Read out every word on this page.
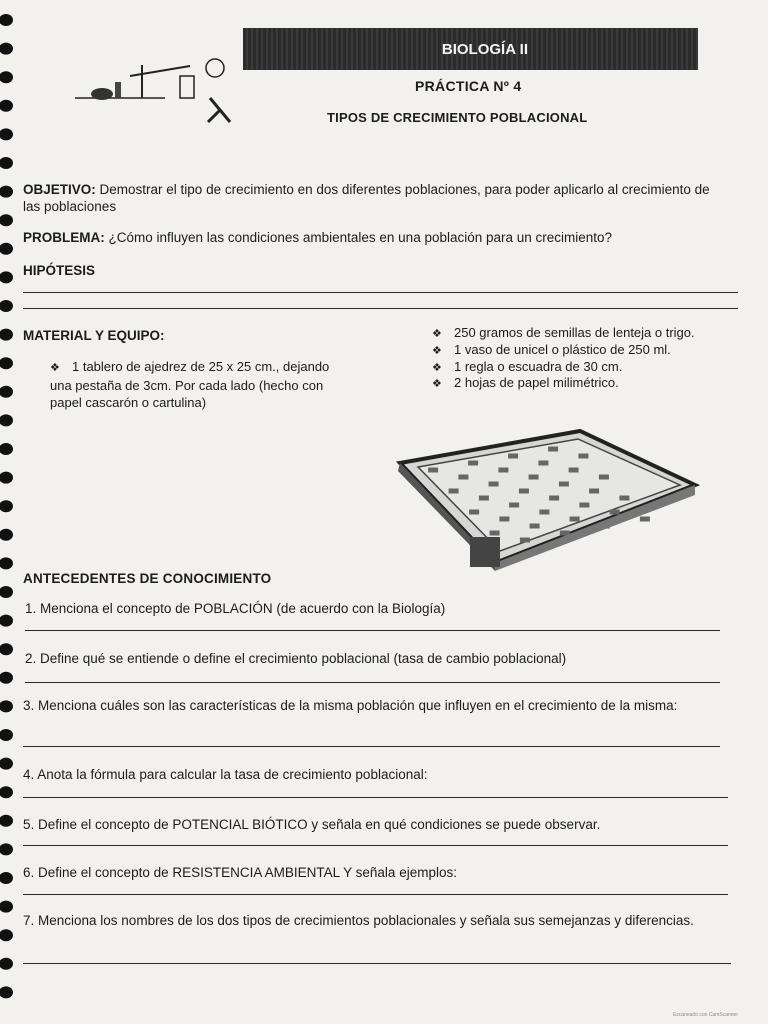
BIOLOGÍA II
PRÁCTICA Nº 4
TIPOS DE CRECIMIENTO POBLACIONAL
OBJETIVO: Demostrar el tipo de crecimiento en dos diferentes poblaciones, para poder aplicarlo al crecimiento de las poblaciones
PROBLEMA: ¿Cómo influyen las condiciones ambientales en una población para un crecimiento?
HIPÓTESIS
MATERIAL Y EQUIPO:
❖ 1 tablero de ajedrez de 25 x 25 cm., dejando una pestaña de 3cm. Por cada lado (hecho con papel cascarón o cartulina)
❖ 250 gramos de semillas de lenteja o trigo.
❖ 1 vaso de unicel o plástico de 250 ml.
❖ 1 regla o escuadra de 30 cm.
❖ 2 hojas de papel milimétrico.
ANTECEDENTES DE CONOCIMIENTO
1. Menciona el concepto de POBLACIÓN (de acuerdo con la Biología)
2. Define qué se entiende o define el crecimiento poblacional (tasa de cambio poblacional)
3. Menciona cuáles son las características de la misma población que influyen en el crecimiento de la misma:
4. Anota la fórmula para calcular la tasa de crecimiento poblacional:
5. Define el concepto de POTENCIAL BIÓTICO y señala en qué condiciones se puede observar.
6. Define el concepto de RESISTENCIA AMBIENTAL Y señala ejemplos:
7. Menciona los nombres de los dos tipos de crecimientos poblacionales y señala sus semejanzas y diferencias.
Escaneado con CamScanner
